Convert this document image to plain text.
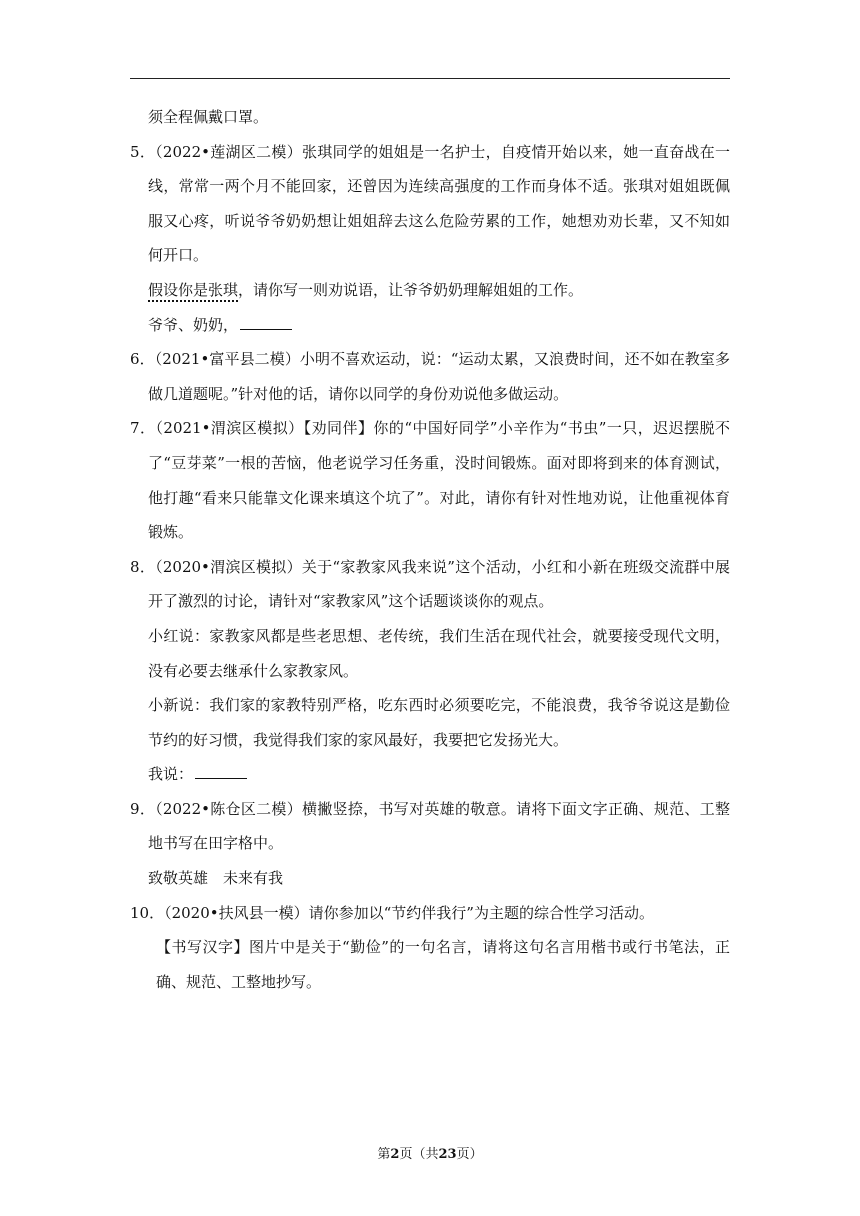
须全程佩戴口罩。

5．（2022•莲湖区二模）张琪同学的姐姐是一名护士，自疫情开始以来，她一直奋战在一线，常常一两个月不能回家，还曾因为连续高强度的工作而身体不适。张琪对姐姐既佩服又心疼，听说爷爷奶奶想让姐姐辞去这么危险劳累的工作，她想劝劝长辈，又不知如何开口。

假设你是张琪，请你写一则劝说语，让爷爷奶奶理解姐姐的工作。

爷爷、奶奶，

6．（2021•富平县二模）小明不喜欢运动，说：“运动太累，又浪费时间，还不如在教室多做几道题呢。”针对他的话，请你以同学的身份劝说他多做运动。

7．（2021•渭滨区模拟）【劝同伴】你的“中国好同学”小辛作为“书虫”一只，迟迟摆脱不了“豆芽菜”一根的苦恼，他老说学习任务重，没时间锻炼。面对即将到来的体育测试，他打趣“看来只能靠文化课来填这个坑了”。对此，请你有针对性地劝说，让他重视体育锻炼。

8．（2020•渭滨区模拟）关于“家教家风我来说”这个活动，小红和小新在班级交流群中展开了激烈的讨论，请针对“家教家风”这个话题谈谈你的观点。

小红说：家教家风都是些老思想、老传统，我们生活在现代社会，就要接受现代文明，没有必要去继承什么家教家风。

小新说：我们家的家教特别严格，吃东西时必须要吃完，不能浪费，我爷爷说这是勤俭节约的好习惯，我觉得我们家的家风最好，我要把它发扬光大。

我说：

9．（2022•陈仓区二模）横撇竖捺，书写对英雄的敬意。请将下面文字正确、规范、工整地书写在田字格中。

致敬英雄　未来有我

10．（2020•扶风县一模）请你参加以“节约伴我行”为主题的综合性学习活动。

【书写汉字】图片中是关于“勤俭”的一句名言，请将这句名言用楷书或行书笔法，正确、规范、工整地抄写。

第2页（共23页）
